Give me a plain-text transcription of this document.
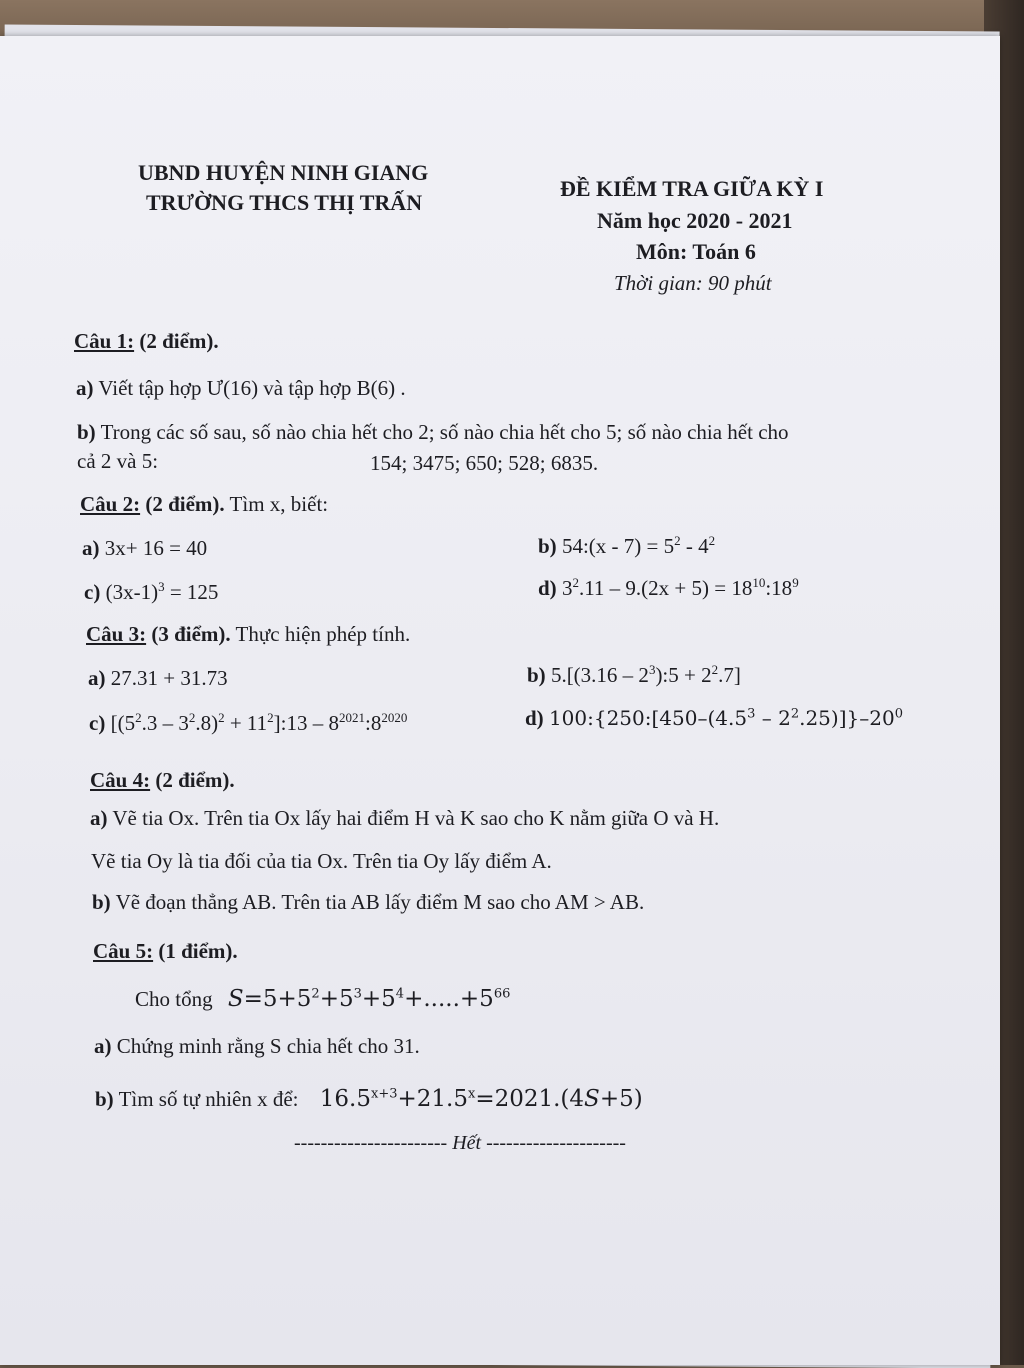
UBND HUYỆN NINH GIANG
TRƯỜNG THCS THỊ TRẤN
ĐỀ KIỂM TRA GIỮA KỲ I
Năm học 2020 - 2021
Môn: Toán 6
Thời gian: 90 phút
Câu 1: (2 điểm).
a) Viết tập hợp Ư(16) và tập hợp B(6) .
b) Trong các số sau, số nào chia hết cho 2; số nào chia hết cho 5; số nào chia hết cho
cả 2 và 5:	154; 3475; 650; 528; 6835.
Câu 2: (2 điểm). Tìm x, biết:
a) 3x+ 16 = 40	b) 54:(x - $7) = 5^2 - 4^2$
c) $(3x-1)^3 = 125$	d) $3^2.11 - 9.(2x + 5)$ = $18^{10}:18^9$
Câu 3: (3 điểm). Thực hiện phép tính.
a) 27.31 + 31.73	b) $5.[(3.16 - 2^3):5 + 2^2.7]$
c) [$(5^2.3 - 3^2.8)^2$ + $11^2]:13$ – $8^{2021}:8^{2020}$	d) $100:\{250:[450-(4.5^3 - 2^2.25)]\}-20^0$
Câu 4: (2 điểm).
a) Vẽ tia Ox. Trên tia Ox lấy hai điểm H và K sao cho K nằm giữa O và H.
Vẽ tia Oy là tia đối của tia Ox. Trên tia Oy lấy điểm A.
b) Vẽ đoạn thẳng AB. Trên tia AB lấy điểm M sao cho AM > AB.
Câu 5: (1 điểm).
Cho tổng $S=5+5^2+5^3+5^4+.....+5^{66}$
a) Chứng minh rằng S chia hết cho 31.
b) Tìm số tự nhiên x để: $16.5^{x+3}+21.5^x=2021.(4S+5)$
----------------------- Hết ---------------------
